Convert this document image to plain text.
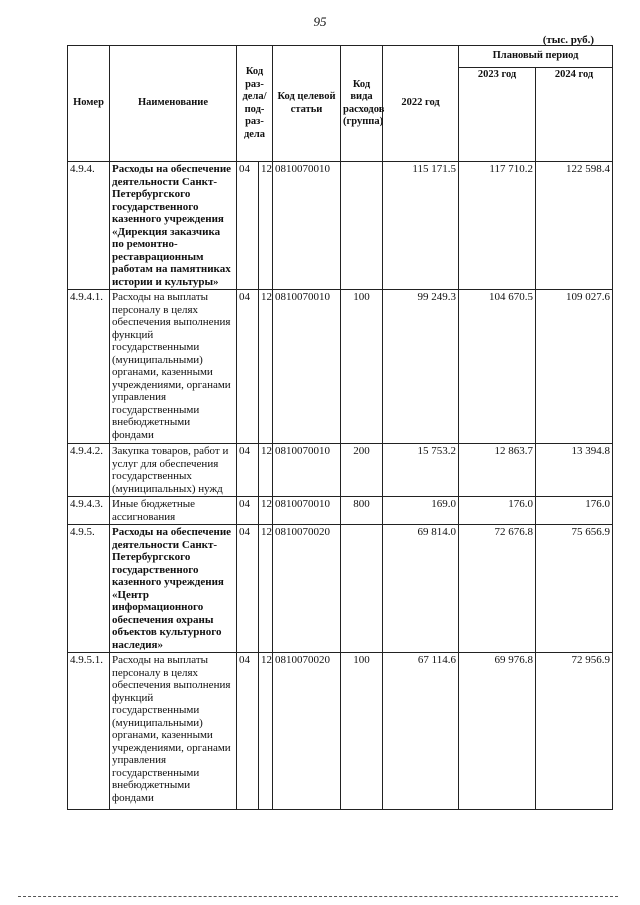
95
(тыс. руб.)
Номер	Наименование	Код раз-дела/ под-раз-дела		Код целевой статьи	Код вида расходов (группа)	2022 год	Плановый период	
							2023 год	2024 год
4.9.4.	Расходы на обеспечение деятельности Санкт-Петербургского государственного казенного учреждения «Дирекция заказчика по ремонтно-реставрационным работам на памятниках истории и культуры»	04	12	0810070010		115 171.5	117 710.2	122 598.4
4.9.4.1.	Расходы на выплаты персоналу в целях обеспечения выполнения функций государственными (муниципальными) органами, казенными учреждениями, органами управления государственными внебюджетными фондами	04	12	0810070010	100	99 249.3	104 670.5	109 027.6
4.9.4.2.	Закупка товаров, работ и услуг для обеспечения государственных (муниципальных) нужд	04	12	0810070010	200	15 753.2	12 863.7	13 394.8
4.9.4.3.	Иные бюджетные ассигнования	04	12	0810070010	800	169.0	176.0	176.0
4.9.5.	Расходы на обеспечение деятельности Санкт-Петербургского государственного казенного учреждения «Центр информационного обеспечения охраны объектов культурного наследия»	04	12	0810070020		69 814.0	72 676.8	75 656.9
4.9.5.1.	Расходы на выплаты персоналу в целях обеспечения выполнения функций государственными (муниципальными) органами, казенными учреждениями, органами управления государственными внебюджетными фондами	04	12	0810070020	100	67 114.6	69 976.8	72 956.9
